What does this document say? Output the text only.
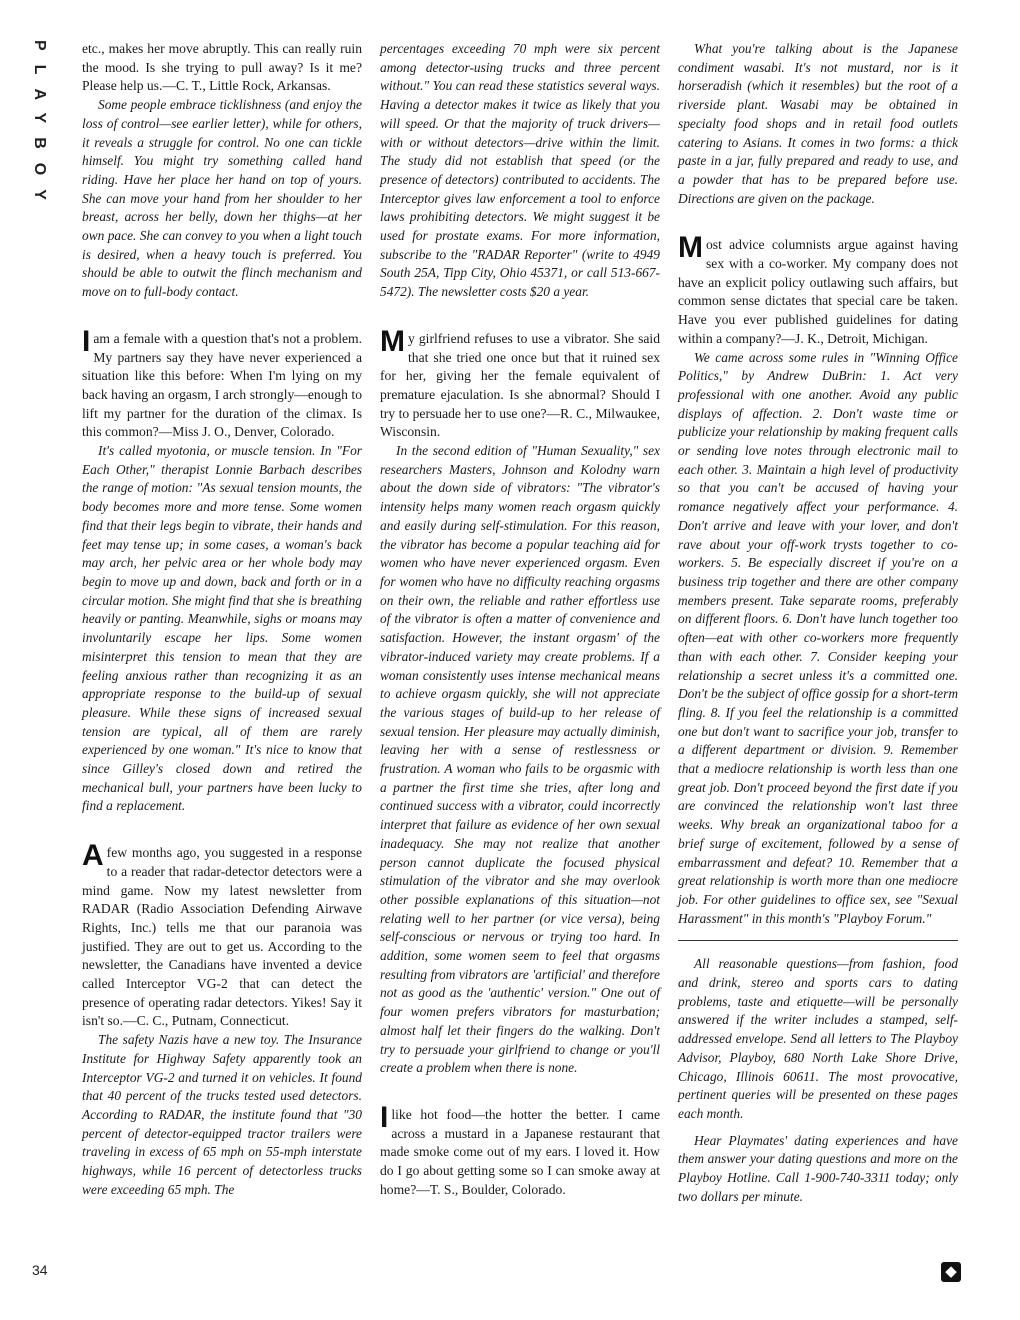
PLAYBOY	etc., makes her move abruptly. This can really ruin the mood. Is she trying to pull away? Is it me? Please help us.—C. T., Little Rock, Arkansas.

Some people embrace ticklishness (and enjoy the loss of control—see earlier letter), while for others, it reveals a struggle for control. No one can tickle himself. You might try something called hand riding. Have her place her hand on top of yours. She can move your hand from her shoulder to her breast, across her belly, down her thighs—at her own pace. She can convey to you when a light touch is desired, when a heavy touch is preferred. You should be able to outwit the flinch mechanism and move on to full-body contact.

I am a female with a question that's not a problem. My partners say they have never experienced a situation like this before: When I'm lying on my back having an orgasm, I arch strongly—enough to lift my partner for the duration of the climax. Is this common?—Miss J. O., Denver, Colorado.

It's called myotonia, or muscle tension. In "For Each Other," therapist Lonnie Barbach describes the range of motion: "As sexual tension mounts, the body becomes more and more tense. Some women find that their legs begin to vibrate, their hands and feet may tense up; in some cases, a woman's back may arch, her pelvic area or her whole body may begin to move up and down, back and forth or in a circular motion. She might find that she is breathing heavily or panting. Meanwhile, sighs or moans may involuntarily escape her lips. Some women misinterpret this tension to mean that they are feeling anxious rather than recognizing it as an appropriate response to the build-up of sexual pleasure. While these signs of increased sexual tension are typical, all of them are rarely experienced by one woman." It's nice to know that since Gilley's closed down and retired the mechanical bull, your partners have been lucky to find a replacement.

A few months ago, you suggested in a response to a reader that radar-detector detectors were a mind game. Now my latest newsletter from RADAR (Radio Association Defending Airwave Rights, Inc.) tells me that our paranoia was justified. They are out to get us. According to the newsletter, the Canadians have invented a device called Interceptor VG-2 that can detect the presence of operating radar detectors. Yikes! Say it isn't so.—C. C., Putnam, Connecticut.

The safety Nazis have a new toy. The Insurance Institute for Highway Safety apparently took an Interceptor VG-2 and turned it on vehicles. It found that 40 percent of the trucks tested used detectors. According to RADAR, the institute found that "30 percent of detector-equipped tractor trailers were traveling in excess of 65 mph on 55-mph interstate highways, while 16 percent of detectorless trucks were exceeding 65 mph. The

percentages exceeding 70 mph were six percent among detector-using trucks and three percent without." You can read these statistics several ways. Having a detector makes it twice as likely that you will speed. Or that the majority of truck drivers—with or without detectors—drive within the limit. The study did not establish that speed (or the presence of detectors) contributed to accidents. The Interceptor gives law enforcement a tool to enforce laws prohibiting detectors. We might suggest it be used for prostate exams. For more information, subscribe to the "RADAR Reporter" (write to 4949 South 25A, Tipp City, Ohio 45371, or call 513-667-5472). The newsletter costs $20 a year.

My girlfriend refuses to use a vibrator. She said that she tried one once but that it ruined sex for her, giving her the female equivalent of premature ejaculation. Is she abnormal? Should I try to persuade her to use one?—R. C., Milwaukee, Wisconsin.

In the second edition of "Human Sexuality," sex researchers Masters, Johnson and Kolodny warn about the down side of vibrators: "The vibrator's intensity helps many women reach orgasm quickly and easily during self-stimulation. For this reason, the vibrator has become a popular teaching aid for women who have never experienced orgasm. Even for women who have no difficulty reaching orgasms on their own, the reliable and rather effortless use of the vibrator is often a matter of convenience and satisfaction. However, the instant orgasm' of the vibrator-induced variety may create problems. If a woman consistently uses intense mechanical means to achieve orgasm quickly, she will not appreciate the various stages of build-up to her release of sexual tension. Her pleasure may actually diminish, leaving her with a sense of restlessness or frustration. A woman who fails to be orgasmic with a partner the first time she tries, after long and continued success with a vibrator, could incorrectly interpret that failure as evidence of her own sexual inadequacy. She may not realize that another person cannot duplicate the focused physical stimulation of the vibrator and she may overlook other possible explanations of this situation—not relating well to her partner (or vice versa), being self-conscious or nervous or trying too hard. In addition, some women seem to feel that orgasms resulting from vibrators are 'artificial' and therefore not as good as the 'authentic' version." One out of four women prefers vibrators for masturbation; almost half let their fingers do the walking. Don't try to persuade your girlfriend to change or you'll create a problem when there is none.

I like hot food—the hotter the better. I came across a mustard in a Japanese restaurant that made smoke come out of my ears. I loved it. How do I go about getting some so I can smoke away at home?—T. S., Boulder, Colorado.

What you're talking about is the Japanese condiment wasabi. It's not mustard, nor is it horseradish (which it resembles) but the root of a riverside plant. Wasabi may be obtained in specialty food shops and in retail food outlets catering to Asians. It comes in two forms: a thick paste in a jar, fully prepared and ready to use, and a powder that has to be prepared before use. Directions are given on the package.

Most advice columnists argue against having sex with a co-worker. My company does not have an explicit policy outlawing such affairs, but common sense dictates that special care be taken. Have you ever published guidelines for dating within a company?—J. K., Detroit, Michigan.

We came across some rules in "Winning Office Politics," by Andrew DuBrin: 1. Act very professional with one another. Avoid any public displays of affection. 2. Don't waste time or publicize your relationship by making frequent calls or sending love notes through electronic mail to each other. 3. Maintain a high level of productivity so that you can't be accused of having your romance negatively affect your performance. 4. Don't arrive and leave with your lover, and don't rave about your off-work trysts together to co-workers. 5. Be especially discreet if you're on a business trip together and there are other company members present. Take separate rooms, preferably on different floors. 6. Don't have lunch together too often—eat with other co-workers more frequently than with each other. 7. Consider keeping your relationship a secret unless it's a committed one. Don't be the subject of office gossip for a short-term fling. 8. If you feel the relationship is a committed one but don't want to sacrifice your job, transfer to a different department or division. 9. Remember that a mediocre relationship is worth less than one great job. Don't proceed beyond the first date if you are convinced the relationship won't last three weeks. Why break an organizational taboo for a brief surge of excitement, followed by a sense of embarrassment and defeat? 10. Remember that a great relationship is worth more than one mediocre job. For other guidelines to office sex, see "Sexual Harassment" in this month's "Playboy Forum."

All reasonable questions—from fashion, food and drink, stereo and sports cars to dating problems, taste and etiquette—will be personally answered if the writer includes a stamped, self-addressed envelope. Send all letters to The Playboy Advisor, Playboy, 680 North Lake Shore Drive, Chicago, Illinois 60611. The most provocative, pertinent queries will be presented on these pages each month.

Hear Playmates' dating experiences and have them answer your dating questions and more on the Playboy Hotline. Call 1-900-740-3311 today; only two dollars per minute.

34	◆
